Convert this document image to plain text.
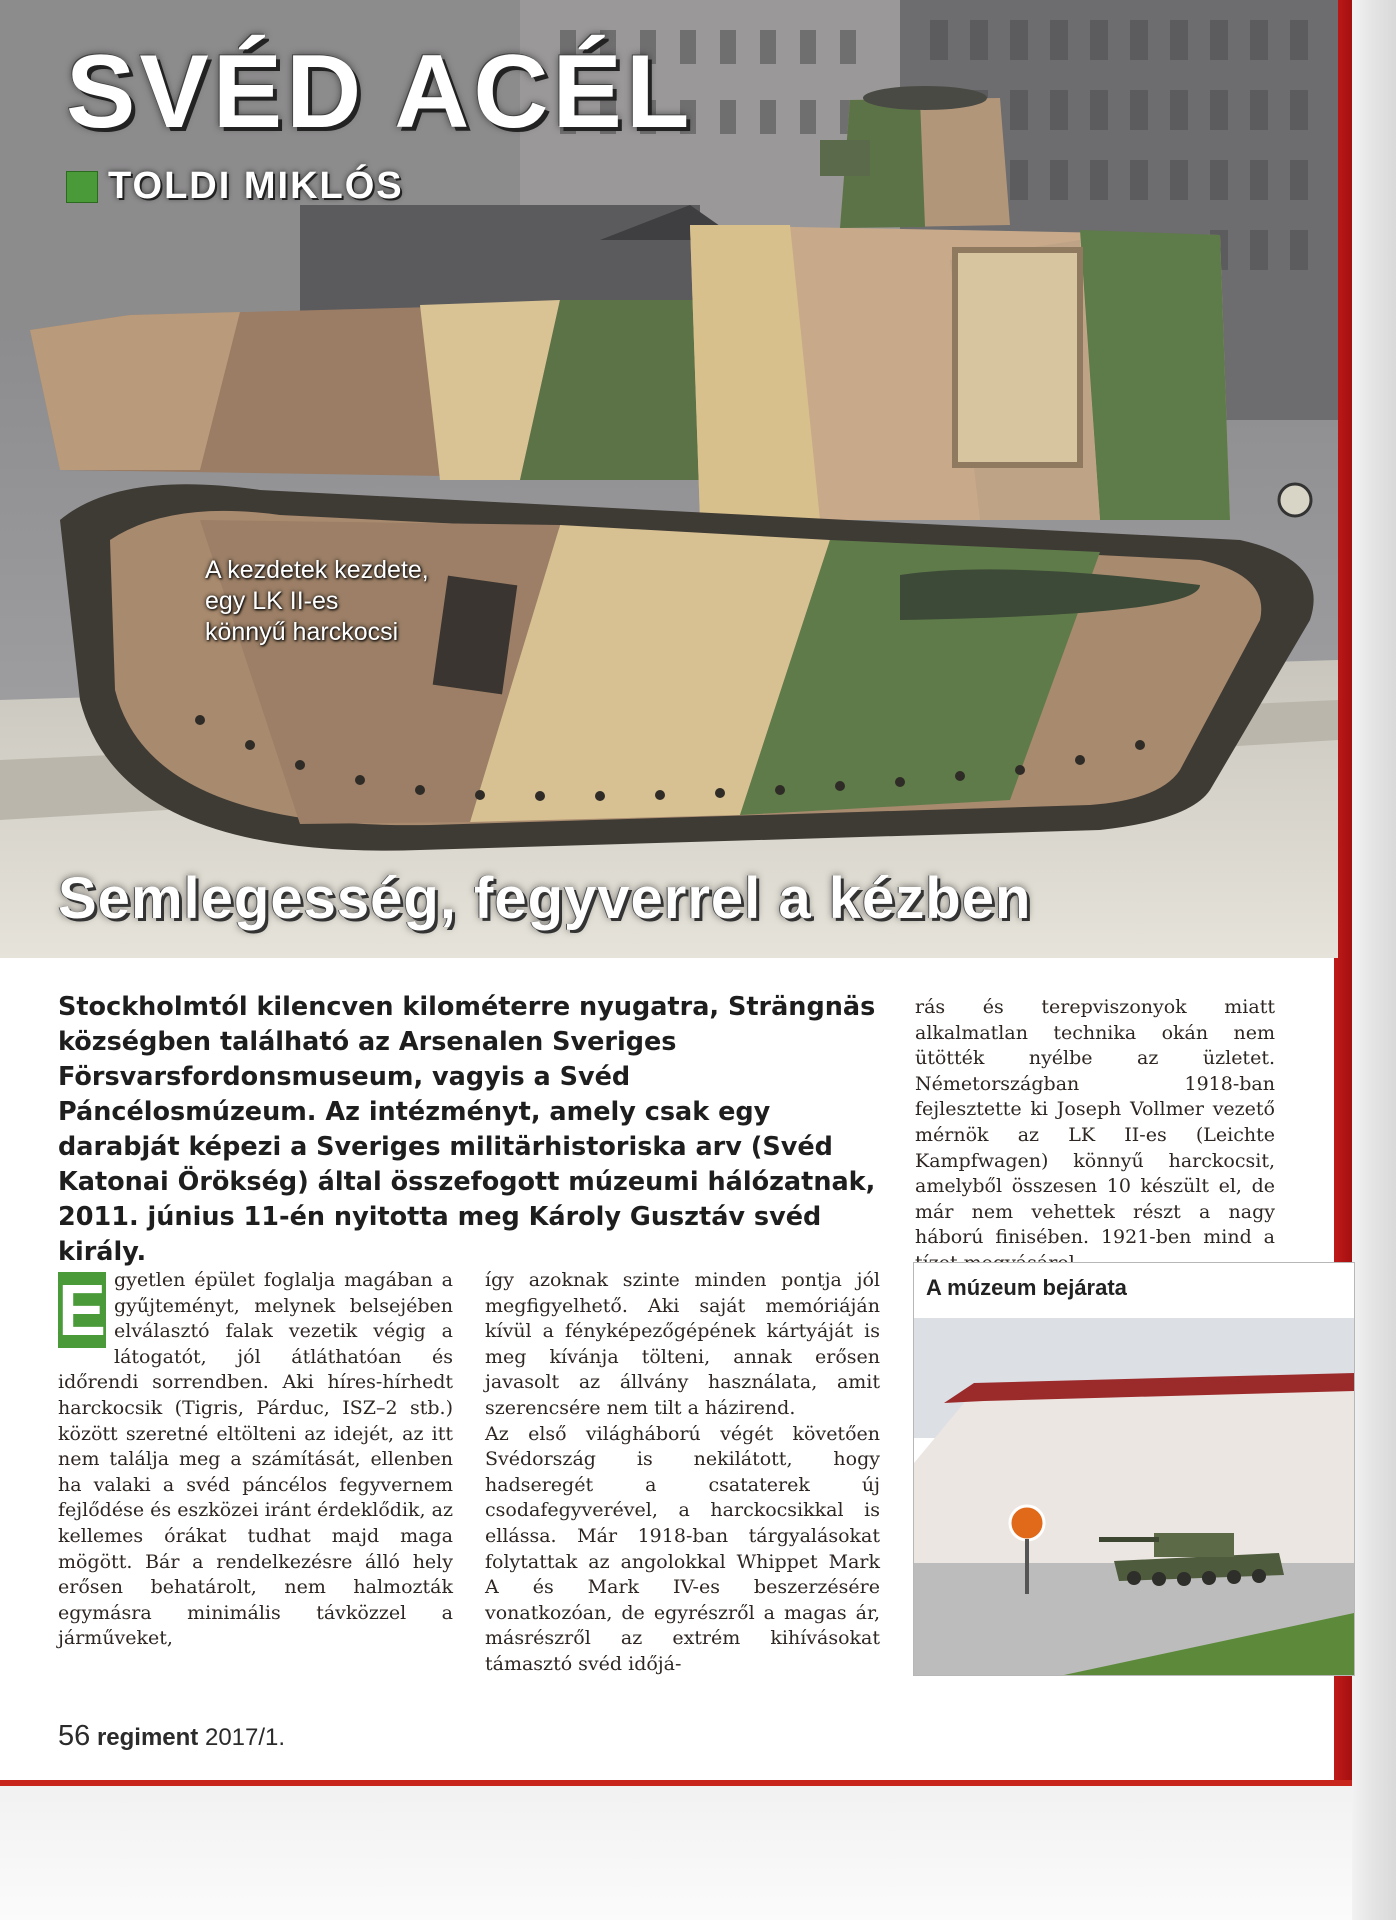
SVÉD ACÉL
TOLDI MIKLÓS
A kezdetek kezdete,
egy LK II-es
könnyű harckocsi
Semlegesség, fegyverrel a kézben

Stockholmtól kilencven kilométerre nyugatra, Strängnäs községben található az Arsenalen Sveriges Försvarsfordonsmuseum, vagyis a Svéd Páncélosmúzeum. Az intézményt, amely csak egy darabját képezi a Sveriges militärhistoriska arv (Svéd Katonai Örökség) által összefogott múzeumi hálózatnak, 2011. június 11-én nyitotta meg Károly Gusztáv svéd király.

E gyetlen épület foglalja magában a gyűjteményt, melynek belsejében elválasztó falak vezetik végig a látogatót, jól átláthatóan és időrendi sorrendben. Aki híres-hírhedt harckocsik (Tigris, Párduc, ISZ–2 stb.) között szeretné eltölteni az idejét, az itt nem találja meg a számítását, ellenben ha valaki a svéd páncélos fegyvernem fejlődése és eszközei iránt érdeklődik, az kellemes órákat tudhat majd maga mögött. Bár a rendelkezésre álló hely erősen behatárolt, nem halmozták egymásra minimális távközzel a járműveket,
így azoknak szinte minden pontja jól megfigyelhető. Aki saját memóriáján kívül a fényképezőgépének kártyáját is meg kívánja tölteni, annak erősen javasolt az állvány használata, amit szerencsére nem tilt a házirend.
Az első világháború végét követően Svédország is nekilátott, hogy hadseregét a csataterek új csodafegyverével, a harckocsikkal is ellássa. Már 1918-ban tárgyalásokat folytattak az angolokkal Whippet Mark A és Mark IV-es beszerzésére vonatkozóan, de egyrészről a magas ár, másrészről az extrém kihívásokat támasztó svéd időjá-
rás és terepviszonyok miatt alkalmatlan technika okán nem ütötték nyélbe az üzletet. Németországban 1918-ban fejlesztette ki Joseph Vollmer vezető mérnök az LK II-es (Leichte Kampfwagen) könnyű harckocsit, amelyből összesen 10 készült el, de már nem vehettek részt a nagy háború finisében. 1921-ben mind a
A múzeum bejárata
56 regiment 2017/1.
